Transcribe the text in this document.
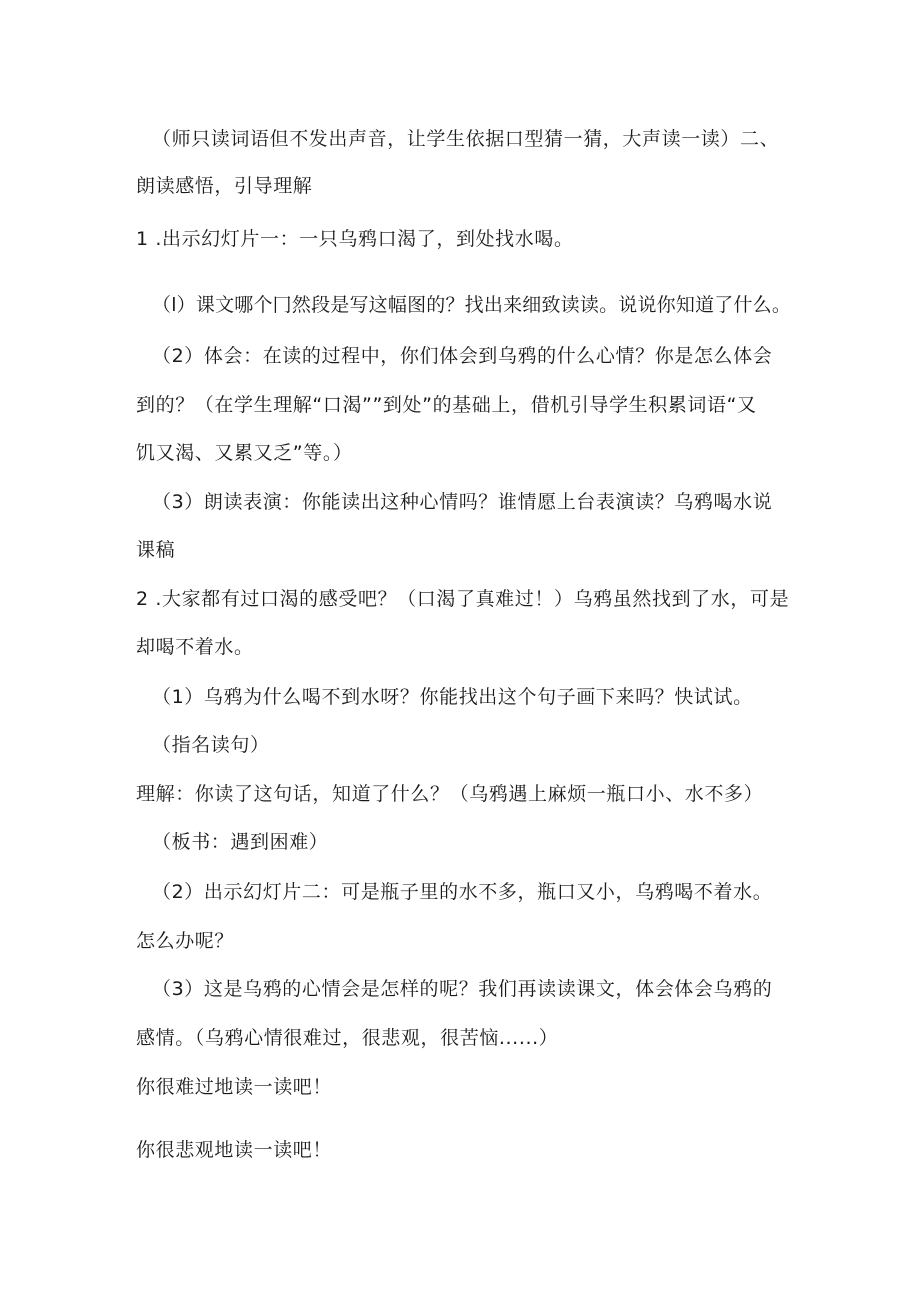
（师只读词语但不发出声音，让学生依据口型猜一猜，大声读一读）二、
朗读感悟，引导理解
1 .出示幻灯片一：一只乌鸦口渴了，到处找水喝。
（l）课文哪个冂然段是写这幅图的？找出来细致读读。说说你知道了什么。
（2）体会：在读的过程中，你们体会到乌鸦的什么心情？你是怎么体会
到的？（在学生理解“口渴””到处”的基础上，借机引导学生积累词语“又
饥又渴、又累又乏”等。）
（3）朗读表演：你能读出这种心情吗？谁情愿上台表演读？乌鸦喝水说
课稿
2 .大家都有过口渴的感受吧？（口渴了真难过！）乌鸦虽然找到了水，可是
却喝不着水。
（1）乌鸦为什么喝不到水呀？你能找出这个句子画下来吗？快试试。
（指名读句）
理解：你读了这句话，知道了什么？（乌鸦遇上麻烦一瓶口小、水不多）
（板书：遇到困难）
（2）出示幻灯片二：可是瓶子里的水不多，瓶口又小，乌鸦喝不着水。
怎么办呢？
（3）这是乌鸦的心情会是怎样的呢？我们再读读课文，体会体会乌鸦的
感情。（乌鸦心情很难过，很悲观，很苦恼......）
你很难过地读一读吧！
你很悲观地读一读吧！
